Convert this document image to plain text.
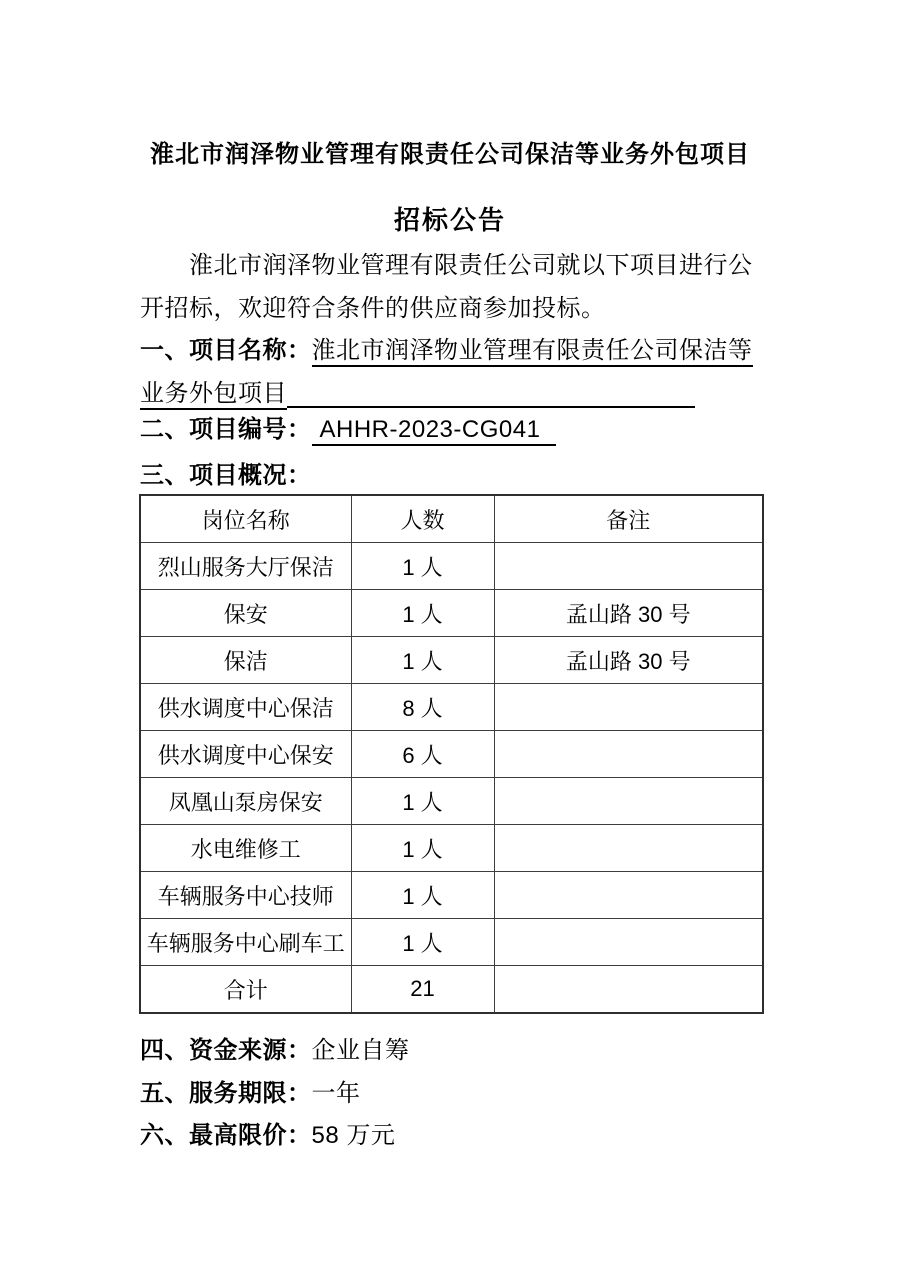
淮北市润泽物业管理有限责任公司保洁等业务外包项目
招标公告
淮北市润泽物业管理有限责任公司就以下项目进行公开招标，欢迎符合条件的供应商参加投标。
一、项目名称：淮北市润泽物业管理有限责任公司保洁等业务外包项目
二、项目编号： AHHR-2023-CG041
三、项目概况：
岗位名称	人数	备注
烈山服务大厅保洁	1 人	
保安	1 人	孟山路 30 号
保洁	1 人	孟山路 30 号
供水调度中心保洁	8 人	
供水调度中心保安	6 人	
凤凰山泵房保安	1 人	
水电维修工	1 人	
车辆服务中心技师	1 人	
车辆服务中心刷车工	1 人	
合计	21	
四、资金来源：企业自筹
五、服务期限：一年
六、最高限价：58 万元
